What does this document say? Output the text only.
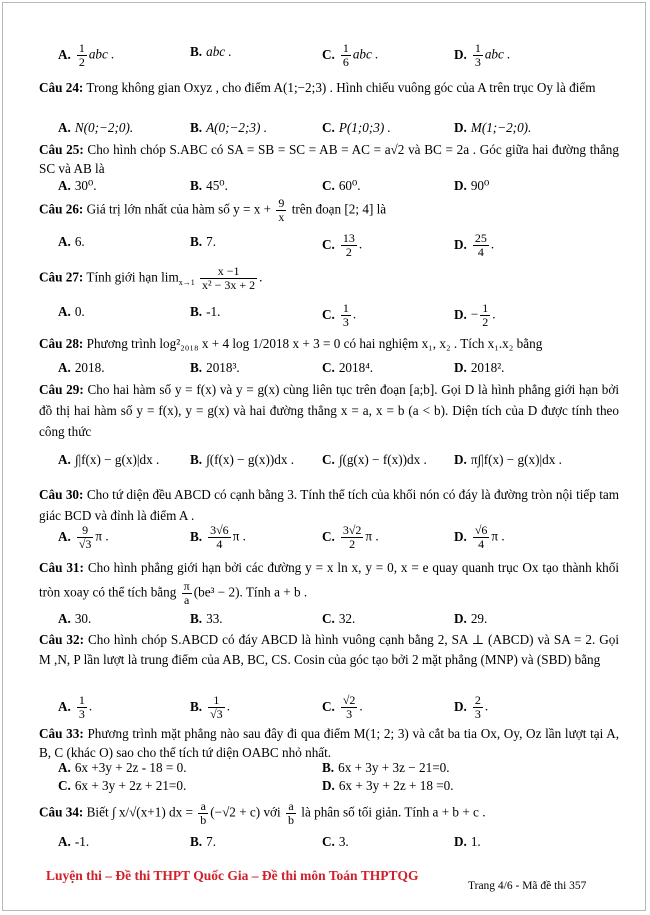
A. $\frac{1}{2}$ abc .	B. abc .	C. $\frac{1}{6}$ abc .	D. $\frac{1}{3}$ abc .
Câu 24: Trong không gian Oxyz , cho điểm A(1;−2;3) . Hình chiếu vuông góc của A trên trục Oy là điểm
A. N(0;−2;0).	B. A(0;−2;3) .	C. P(1;0;3) .	D. M(1;−2;0).
Câu 25: Cho hình chóp S.ABC có SA = SB = SC = AB = AC = a√2 và BC = 2a . Góc giữa hai đường thẳng SC và AB là
A. 30⁰.	B. 45⁰.	C. 60⁰.	D. 90⁰
Câu 26: Giá trị lớn nhất của hàm số $y = x + \frac{9}{x}$ trên đoạn [2; 4] là
A. 6.	B. 7.	C. $\frac{13}{2}$ .	D. $\frac{25}{4}$ .
Câu 27: Tính giới hạn $\lim_{x\to 1} \frac{x -1}{\text{x² − 3x + 2}}$ .
A. 0.	B. -1.	C. $\frac{1}{3}$ .	D. − $\frac{1}{2}$ .
Câu 28: Phương trình log²₂₀₁₈ x + 4 log 1/2018 x + 3 = 0 có hai nghiệm x₁, x₂ . Tích x₁.x₂ bằng
A. 2018.	B. 2018³.	C. 2018⁴.	D. 2018².
Câu 29: Cho hai hàm số y = f(x) và y = g(x) cùng liên tục trên đoạn [a;b]. Gọi D là hình phẳng giới hạn bởi đồ thị hai hàm số y = f(x), y = g(x) và hai đường thẳng x = a, x = b (a < b). Diện tích của D được tính theo công thức
A. ∫|f(x) − g(x)|dx . B. ∫(f(x) − g(x))dx . C. ∫(g(x) − f(x))dx . D. π∫|f(x) − g(x)|dx .
Câu 30: Cho tứ diện đều ABCD có cạnh bằng 3. Tính thể tích của khối nón có đáy là đường tròn nội tiếp tam giác BCD và đỉnh là điểm A .
A. $\frac{9}{√3}$ π .	B. $\frac{3√6}{4}$ π .	C. $\frac{3√2}{2}$ π .	D. $\frac{√6}{4}$ π .
Câu 31: Cho hình phẳng giới hạn bởi các đường y = x ln x, y = 0, x = e quay quanh trục Ox tạo thành khối tròn xoay có thể tích bằng $\frac{\pi}{a} (be^3 - 2)$. Tính a + b .
A. 30.	B. 33.	C. 32.	D. 29.
Câu 32: Cho hình chóp S.ABCD có đáy ABCD là hình vuông cạnh bằng 2, SA ⊥ (ABCD) và SA = 2. Gọi M ,N, P lần lượt là trung điểm của AB, BC, CS. Cosin của góc tạo bởi 2 mặt phẳng (MNP) và (SBD) bằng
A. $\frac{1}{3}$ .	B. $\frac{1}{√3}$ .	C. $\frac{√2}{3}$ .	D. $\frac{2}{3}$ .
Câu 33: Phương trình mặt phẳng nào sau đây đi qua điểm M(1; 2; 3) và cắt ba tia Ox, Oy, Oz lần lượt tại A, B, C (khác O) sao cho thể tích tứ diện OABC nhỏ nhất.
A. 6x +3y + 2z - 18 = 0.	B. 6x + 3y + 3z − 21=0.
C. 6x + 3y + 2z + 21=0.	D. 6x + 3y + 2z + 18 =0.
Câu 34: Biết ∫ x/√(x+1) dx = $\frac{a}{b} (-√2 + c)$ với $\frac{a}{b}$ là phân số tối giản. Tính a + b + c .
A. -1.	B. 7.	C. 3.	D. 1.
Luyện thi – Đề thi THPT Quốc Gia – Đề thi môn Toán THPTQG
Trang 4/6 - Mã đề thi 357
